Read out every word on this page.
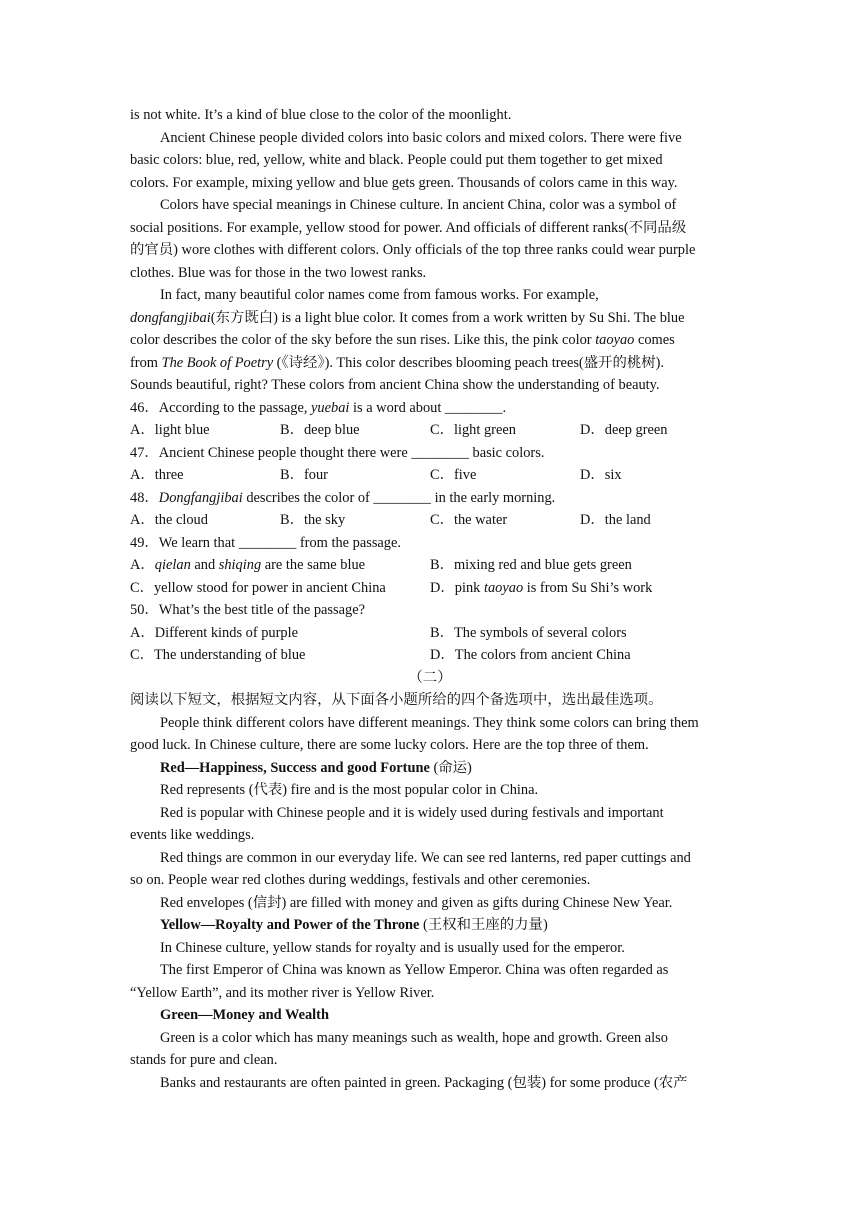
is not white. It’s a kind of blue close to the color of the moonlight.
Ancient Chinese people divided colors into basic colors and mixed colors. There were five
basic colors: blue, red, yellow, white and black. People could put them together to get mixed
colors. For example, mixing yellow and blue gets green. Thousands of colors came in this way.
Colors have special meanings in Chinese culture. In ancient China, color was a symbol of
social positions. For example, yellow stood for power. And officials of different ranks(不同品级
的官员) wore clothes with different colors. Only officials of the top three ranks could wear purple
clothes. Blue was for those in the two lowest ranks.
In fact, many beautiful color names come from famous works. For example,
dongfangjibai(东方既白) is a light blue color. It comes from a work written by Su Shi. The blue
color describes the color of the sky before the sun rises. Like this, the pink color taoyao comes
from The Book of Poetry (《诗经》). This color describes blooming peach trees(盛开的桃树).
Sounds beautiful, right? These colors from ancient China show the understanding of beauty.
46．According to the passage, yuebai is a word about ________.
A．light blue	B．deep blue	C．light green	D．deep green
47．Ancient Chinese people thought there were ________ basic colors.
A．three	B．four	C．five	D．six
48．Dongfangjibai describes the color of ________ in the early morning.
A．the cloud	B．the sky	C．the water	D．the land
49．We learn that ________ from the passage.
A．qielan and shiqing are the same blue	B．mixing red and blue gets green
C．yellow stood for power in ancient China	D．pink taoyao is from Su Shi’s work
50．What’s the best title of the passage?
A．Different kinds of purple	B．The symbols of several colors
C．The understanding of blue	D．The colors from ancient China
（二）
阅读以下短文，根据短文内容，从下面各小题所给的四个备选项中，选出最佳选项。
People think different colors have different meanings. They think some colors can bring them
good luck. In Chinese culture, there are some lucky colors. Here are the top three of them.
Red—Happiness, Success and good Fortune (命运)
Red represents (代表) fire and is the most popular color in China.
Red is popular with Chinese people and it is widely used during festivals and important
events like weddings.
Red things are common in our everyday life. We can see red lanterns, red paper cuttings and
so on. People wear red clothes during weddings, festivals and other ceremonies.
Red envelopes (信封) are filled with money and given as gifts during Chinese New Year.
Yellow—Royalty and Power of the Throne (王权和王座的力量)
In Chinese culture, yellow stands for royalty and is usually used for the emperor.
The first Emperor of China was known as Yellow Emperor. China was often regarded as
“Yellow Earth”, and its mother river is Yellow River.
Green—Money and Wealth
Green is a color which has many meanings such as wealth, hope and growth. Green also
stands for pure and clean.
Banks and restaurants are often painted in green. Packaging (包装) for some produce (农产
